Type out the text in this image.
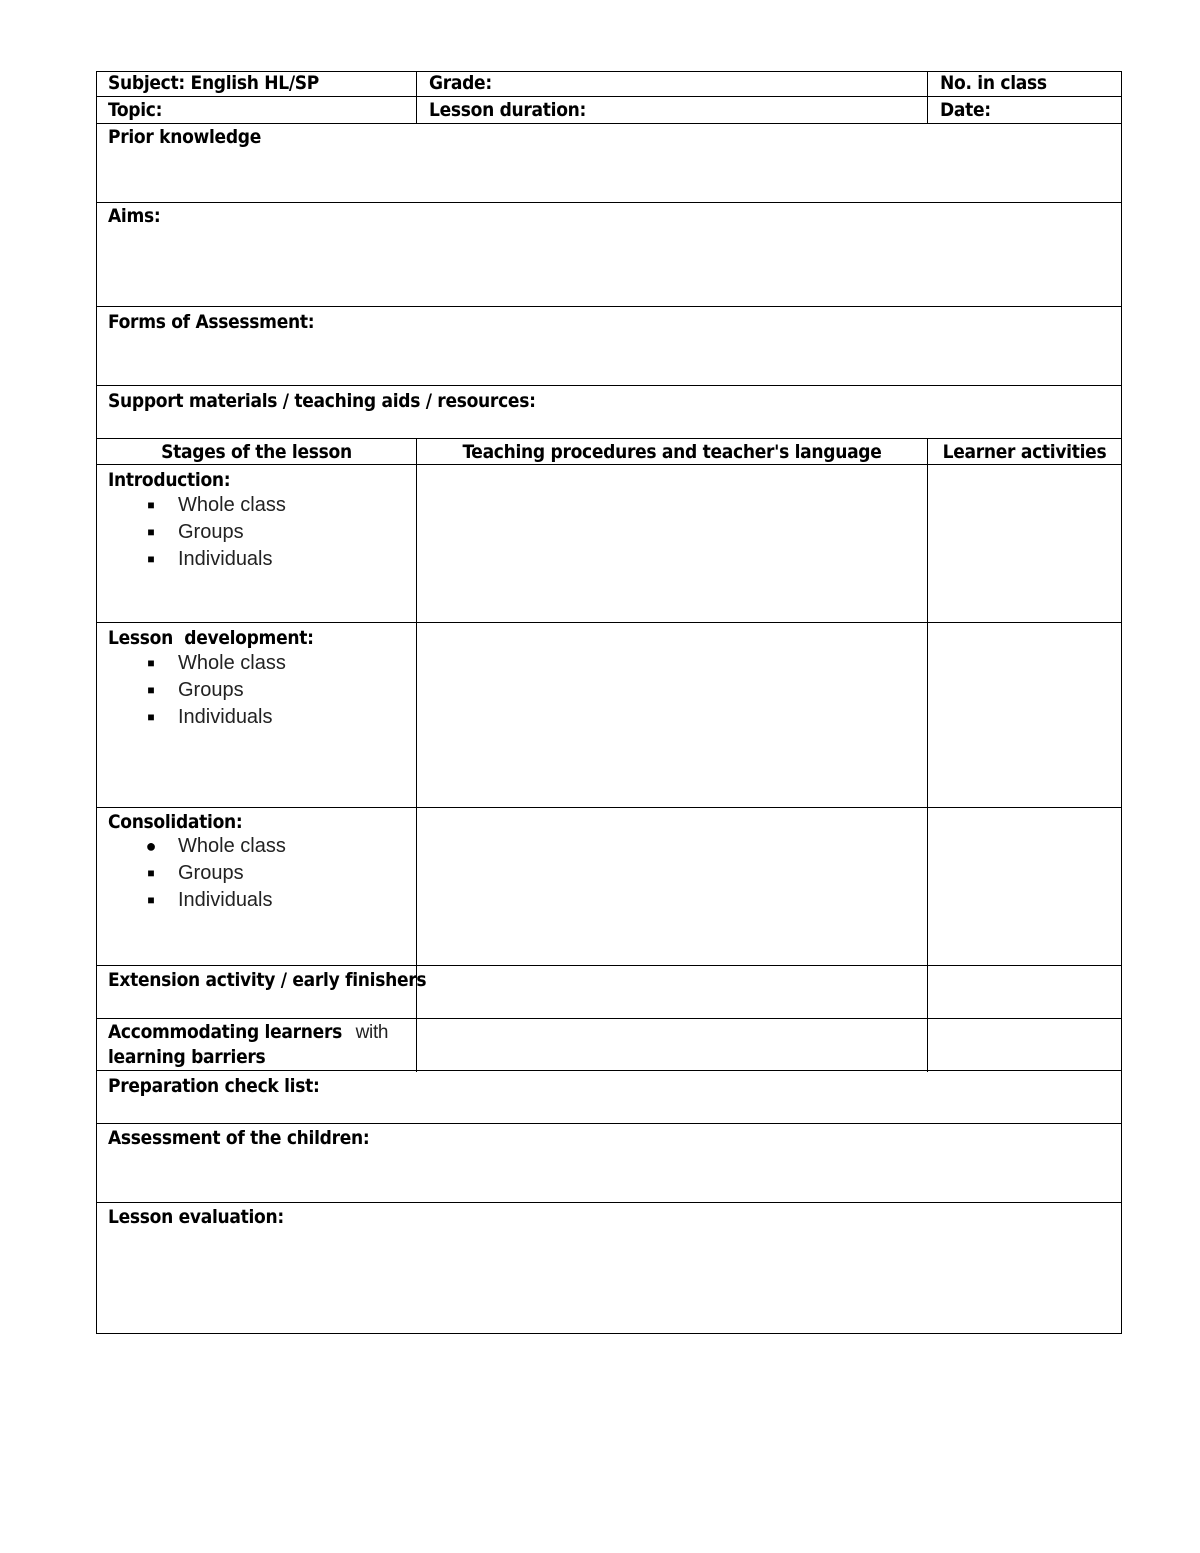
Subject: English HL/SP	Grade:	No. in class
Topic:	Lesson duration:	Date:
Prior knowledge
Aims:
Forms of Assessment:
Support materials / teaching aids / resources:
Stages of the lesson	Teaching procedures and teacher's language	Learner activities
Introduction:
■ Whole class
■ Groups
■ Individuals
Lesson  development:
■ Whole class
■ Groups
■ Individuals
Consolidation:
● Whole class
■ Groups
■ Individuals
Extension activity / early finishers
Accommodating learners with
learning barriers
Preparation check list:
Assessment of the children:
Lesson evaluation:
